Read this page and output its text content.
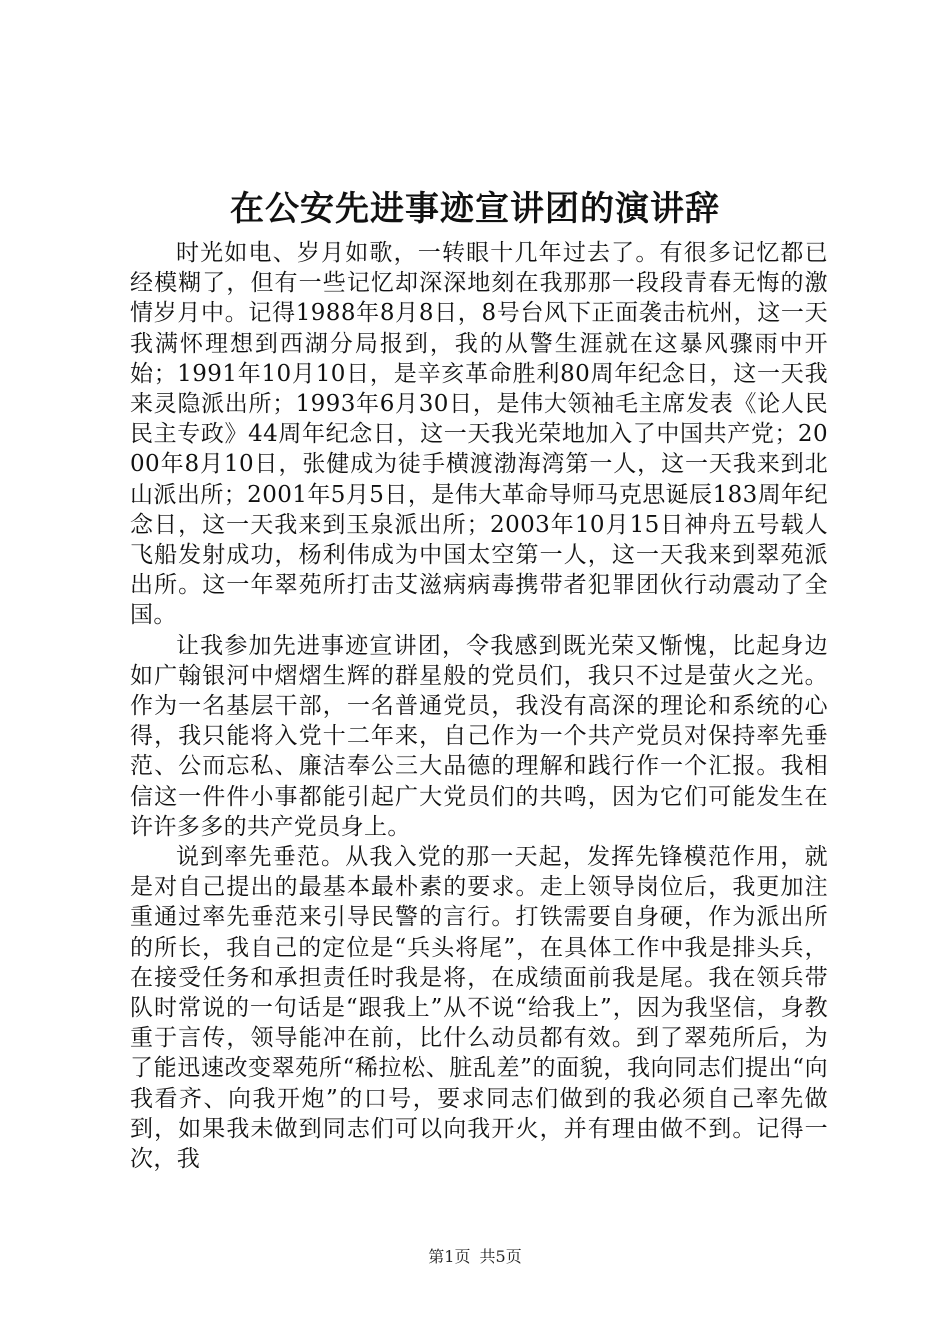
在公安先进事迹宣讲团的演讲辞

时光如电、岁月如歌，一转眼十几年过去了。有很多记忆都已经模糊了，但有一些记忆却深深地刻在我那那一段段青春无悔的激情岁月中。记得1988年8月8日，8号台风下正面袭击杭州，这一天我满怀理想到西湖分局报到，我的从警生涯就在这暴风骤雨中开始；1991年10月10日，是辛亥革命胜利80周年纪念日，这一天我来灵隐派出所；1993年6月30日，是伟大领袖毛主席发表《论人民民主专政》44周年纪念日，这一天我光荣地加入了中国共产党；2000年8月10日，张健成为徒手横渡渤海湾第一人，这一天我来到北山派出所；2001年5月5日，是伟大革命导师马克思诞辰183周年纪念日，这一天我来到玉泉派出所；2003年10月15日神舟五号载人飞船发射成功，杨利伟成为中国太空第一人，这一天我来到翠苑派出所。这一年翠苑所打击艾滋病病毒携带者犯罪团伙行动震动了全国。

让我参加先进事迹宣讲团，令我感到既光荣又惭愧，比起身边如广翰银河中熠熠生辉的群星般的党员们，我只不过是萤火之光。作为一名基层干部，一名普通党员，我没有高深的理论和系统的心得，我只能将入党十二年来，自己作为一个共产党员对保持率先垂范、公而忘私、廉洁奉公三大品德的理解和践行作一个汇报。我相信这一件件小事都能引起广大党员们的共鸣，因为它们可能发生在许许多多的共产党员身上。

说到率先垂范。从我入党的那一天起，发挥先锋模范作用，就是对自己提出的最基本最朴素的要求。走上领导岗位后，我更加注重通过率先垂范来引导民警的言行。打铁需要自身硬，作为派出所的所长，我自己的定位是“兵头将尾”，在具体工作中我是排头兵，在接受任务和承担责任时我是将，在成绩面前我是尾。我在领兵带队时常说的一句话是“跟我上”从不说“给我上”，因为我坚信，身教重于言传，领导能冲在前，比什么动员都有效。到了翠苑所后，为了能迅速改变翠苑所“稀拉松、脏乱差”的面貌，我向同志们提出“向我看齐、向我开炮”的口号，要求同志们做到的我必须自己率先做到，如果我未做到同志们可以向我开火，并有理由做不到。记得一次，我

第1页 共5页
